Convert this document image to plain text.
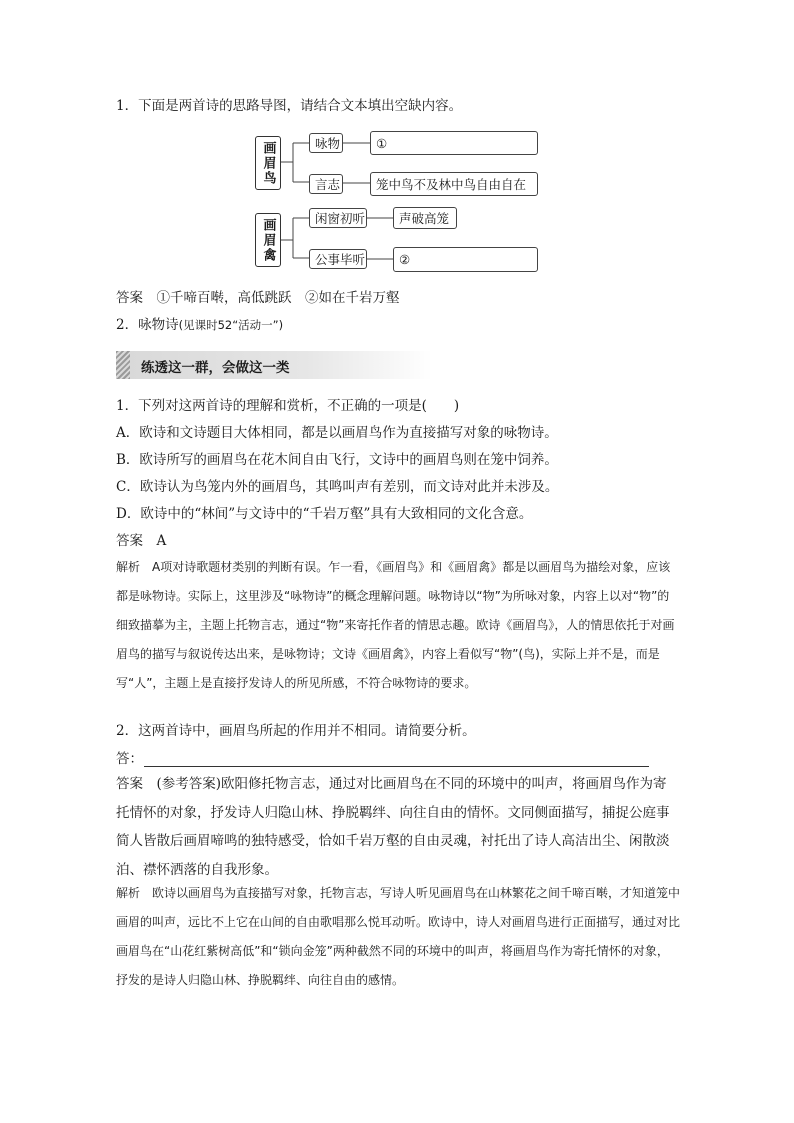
1．下面是两首诗的思路导图，请结合文本填出空缺内容。
画眉鸟	咏物	①
言志	笼中鸟不及林中鸟自由自在
画眉禽	闲窗初听	声破高笼
公事毕听	②
答案　①千啼百啭，高低跳跃　②如在千岩万壑
2．咏物诗(见课时52“活动一”)
练透这一群，会做这一类
1．下列对这两首诗的理解和赏析，不正确的一项是(　　)
A．欧诗和文诗题目大体相同，都是以画眉鸟作为直接描写对象的咏物诗。
B．欧诗所写的画眉鸟在花木间自由飞行，文诗中的画眉鸟则在笼中饲养。
C．欧诗认为鸟笼内外的画眉鸟，其鸣叫声有差别，而文诗对此并未涉及。
D．欧诗中的“林间”与文诗中的“千岩万壑”具有大致相同的文化含意。
答案　A

解析　A项对诗歌题材类别的判断有误。乍一看，《画眉鸟》和《画眉禽》都是以画眉鸟为描绘对象，应该都是咏物诗。实际上，这里涉及“咏物诗”的概念理解问题。咏物诗以“物”为所咏对象，内容上以对“物”的细致描摹为主，主题上托物言志，通过“物”来寄托作者的情思志趣。欧诗《画眉鸟》，人的情思依托于对画眉鸟的描写与叙说传达出来，是咏物诗；文诗《画眉禽》，内容上看似写“物”(鸟)，实际上并不是，而是写“人”，主题上是直接抒发诗人的所见所感，不符合咏物诗的要求。

2．这两首诗中，画眉鸟所起的作用并不相同。请简要分析。
答：

答案　(参考答案)欧阳修托物言志，通过对比画眉鸟在不同的环境中的叫声，将画眉鸟作为寄托情怀的对象，抒发诗人归隐山林、挣脱羁绊、向往自由的情怀。文同侧面描写，捕捉公庭事简人皆散后画眉啼鸣的独特感受，恰如千岩万壑的自由灵魂，衬托出了诗人高洁出尘、闲散淡泊、襟怀洒落的自我形象。

解析　欧诗以画眉鸟为直接描写对象，托物言志，写诗人听见画眉鸟在山林繁花之间千啼百啭，才知道笼中画眉的叫声，远比不上它在山间的自由歌唱那么悦耳动听。欧诗中，诗人对画眉鸟进行正面描写，通过对比画眉鸟在“山花红紫树高低”和“锁向金笼”两种截然不同的环境中的叫声，将画眉鸟作为寄托情怀的对象，抒发的是诗人归隐山林、挣脱羁绊、向往自由的感情。
